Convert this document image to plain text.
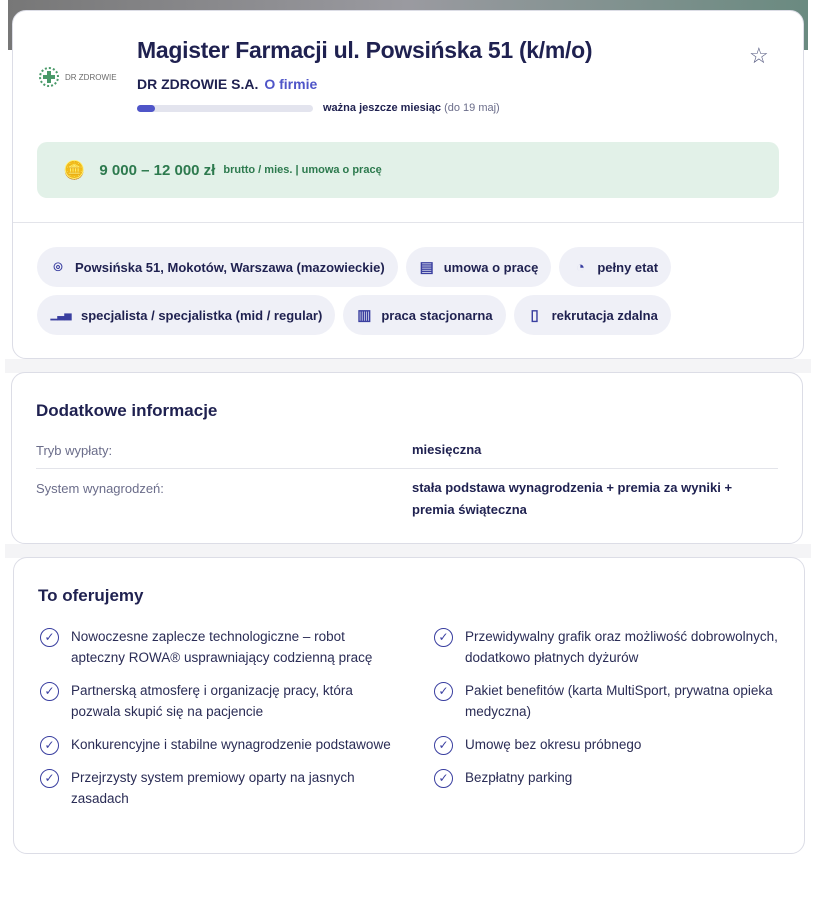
DR ZDROWIE
Magister Farmacji ul. Powsińska 51 (k/m/o)	☆
DR ZDROWIE S.A. O firmie
ważna jeszcze miesiąc (do 19 maj)
🪙 9 000 – 12 000 zł brutto / mies. | umowa o pracę
⌾ Powsińska 51, Mokotów, Warszawa (mazowieckie) ▤ umowa o pracę ◔ pełny etat
▁▃▅ specjalista / specjalistka (mid / regular) ▥ praca stacjonarna	▯ rekrutacja zdalna
Dodatkowe informacje
Tryb wypłaty:	miesięczna
System wynagrodzeń:	stała podstawa wynagrodzenia + premia za wyniki + premia świąteczna
To oferujemy
✓	Nowoczesne zaplecze technologiczne – robot apteczny ROWA® usprawniający codzienną pracę
✓	Partnerską atmosferę i organizację pracy, która pozwala skupić się na pacjencie
✓	Konkurencyjne i stabilne wynagrodzenie podstawowe
✓	Przejrzysty system premiowy oparty na jasnych zasadach
✓	Przewidywalny grafik oraz możliwość dobrowolnych, dodatkowo płatnych dyżurów
✓	Pakiet benefitów (karta MultiSport, prywatna opieka medyczna)
✓	Umowę bez okresu próbnego
✓	Bezpłatny parking
